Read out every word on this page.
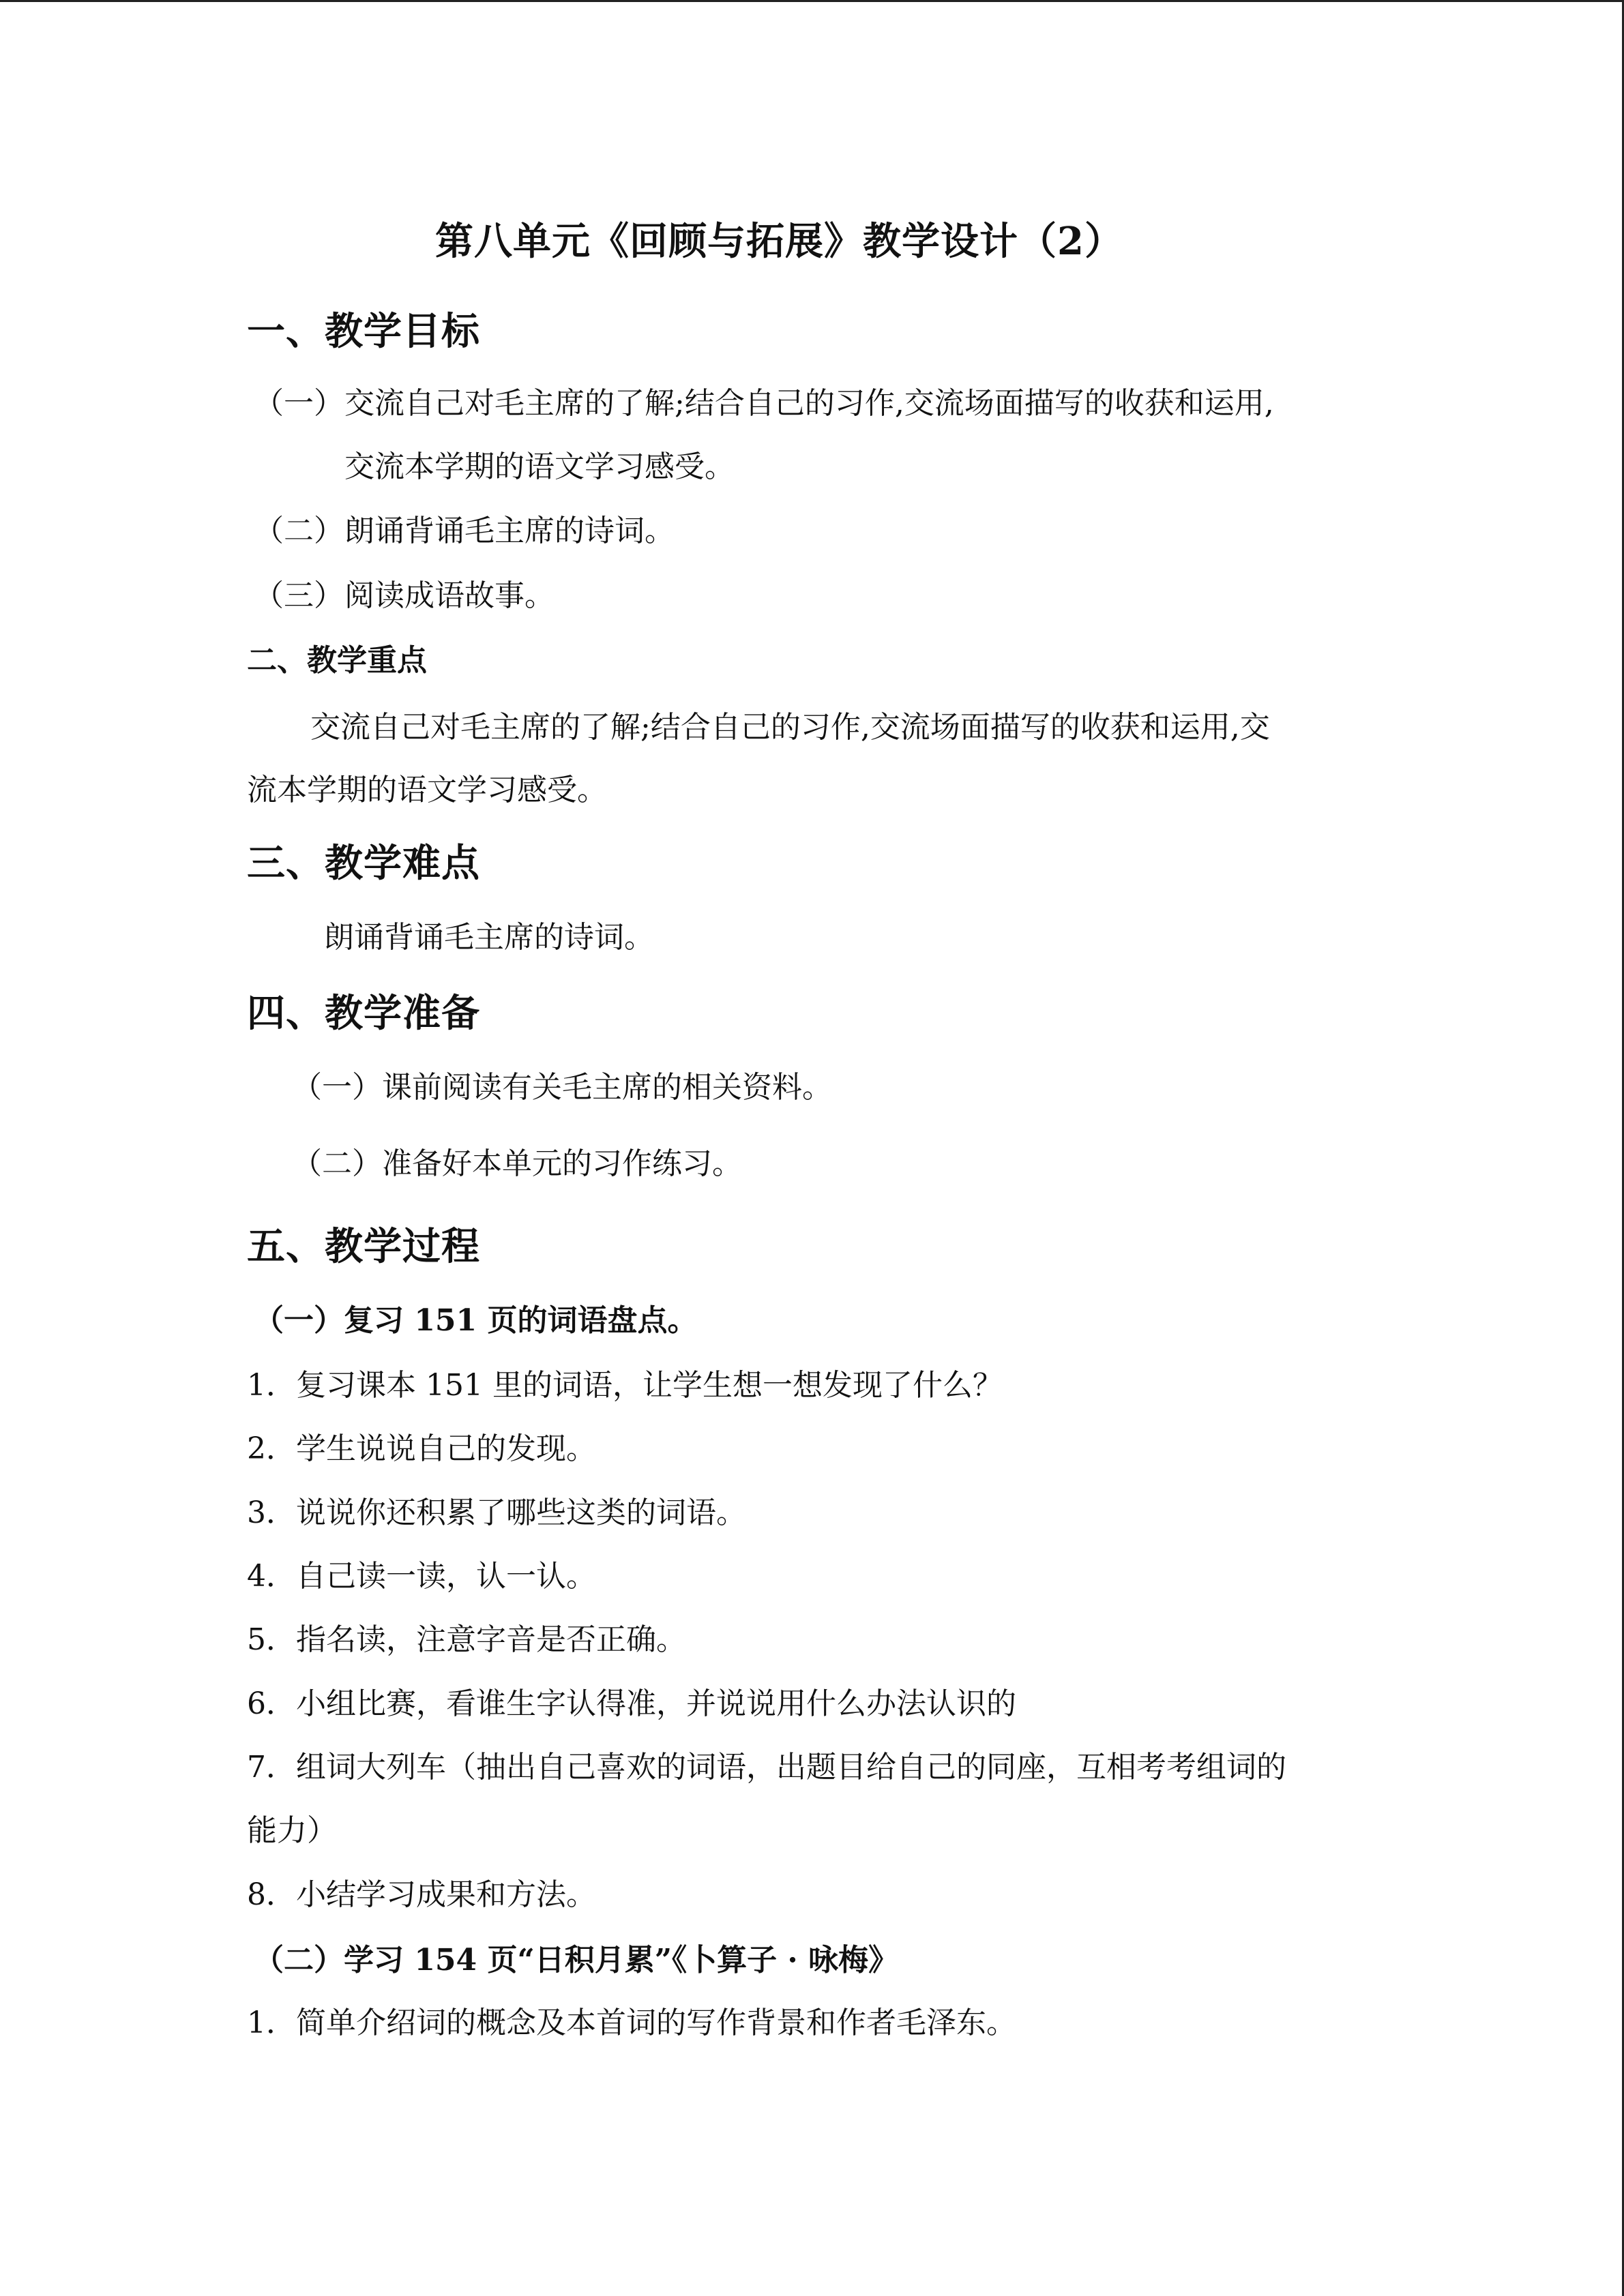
第八单元《回顾与拓展》教学设计（2）
一、教学目标
（一） 交流自己对毛主席的了解;结合自己的习作,交流场面描写的收获和运用,
交流本学期的语文学习感受。
（二） 朗诵背诵毛主席的诗词。
（三） 阅读成语故事。
二、教学重点
交流自己对毛主席的了解;结合自己的习作,交流场面描写的收获和运用,交
流本学期的语文学习感受。
三、教学难点
朗诵背诵毛主席的诗词。
四、教学准备
（一）课前阅读有关毛主席的相关资料。
（二）准备好本单元的习作练习。
五、教学过程
（一）复习 151 页的词语盘点。
1．复习课本 151 里的词语，让学生想一想发现了什么？
2．学生说说自己的发现。
3．说说你还积累了哪些这类的词语。
4．自己读一读，认一认。
5．指名读，注意字音是否正确。
6．小组比赛，看谁生字认得准，并说说用什么办法认识的
7．组词大列车（抽出自己喜欢的词语，出题目给自己的同座，互相考考组词的
能力）
8．小结学习成果和方法。
（二）学习 154 页“日积月累”《卜算子 · 咏梅》
1．简单介绍词的概念及本首词的写作背景和作者毛泽东。
